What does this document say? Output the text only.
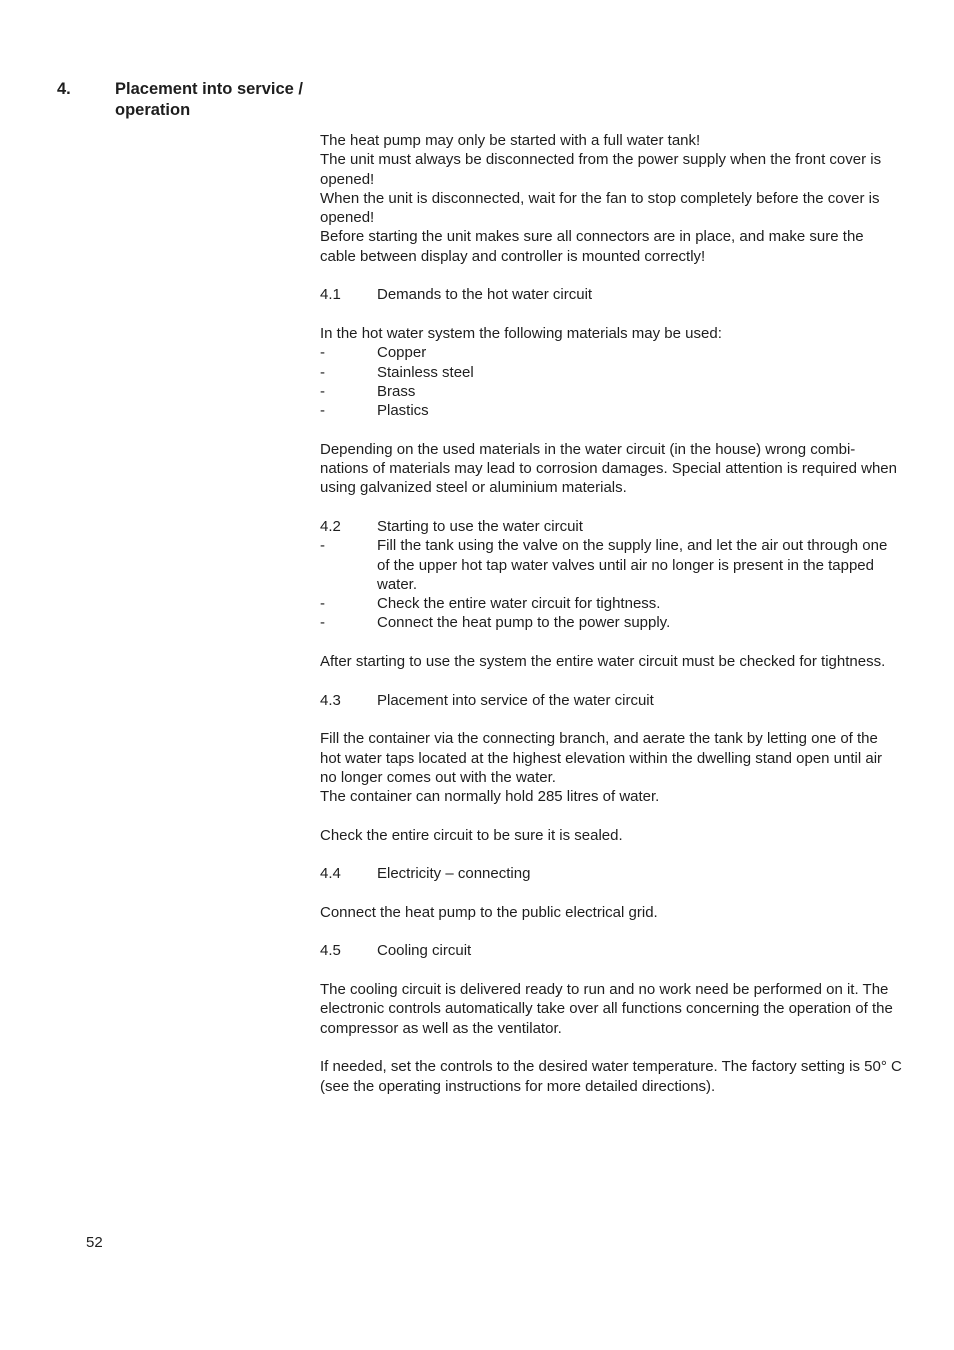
4.	Placement into service / operation

The heat pump may only be started with a full water tank!

The unit must always be disconnected from the power supply when the front cover is opened!

When the unit is disconnected, wait for the fan to stop completely before the cover is opened!

Before starting the unit makes sure all connectors are in place, and make sure the cable between display and controller is mounted correctly!

4.1	Demands to the hot water circuit

In the hot water system the following materials may be used:

-	Copper
-	Stainless steel
-	Brass
-	Plastics

Depending on the used materials in the water circuit (in the house) wrong combi-nations of materials may lead to corrosion damages. Special attention is required when using galvanized steel or aluminium materials.

4.2	Starting to use the water circuit
-	Fill the tank using the valve on the supply line, and let the air out through one of the upper hot tap water valves until air no longer is present in the tapped water.
-	Check the entire water circuit for tightness.
-	Connect the heat pump to the power supply.

After starting to use the system the entire water circuit must be checked for tightness.

4.3	Placement into service of the water circuit

Fill the container via the connecting branch, and aerate the tank by letting one of the hot water taps located at the highest elevation within the dwelling stand open until air no longer comes out with the water.

The container can normally hold 285 litres of water.

Check the entire circuit to be sure it is sealed.

4.4	Electricity – connecting

Connect the heat pump to the public electrical grid.

4.5	Cooling circuit

The cooling circuit is delivered ready to run and no work need be performed on it. The electronic controls automatically take over all functions concerning the operation of the compressor as well as the ventilator.

If needed, set the controls to the desired water temperature. The factory setting is 50° C (see the operating instructions for more detailed directions).

52
